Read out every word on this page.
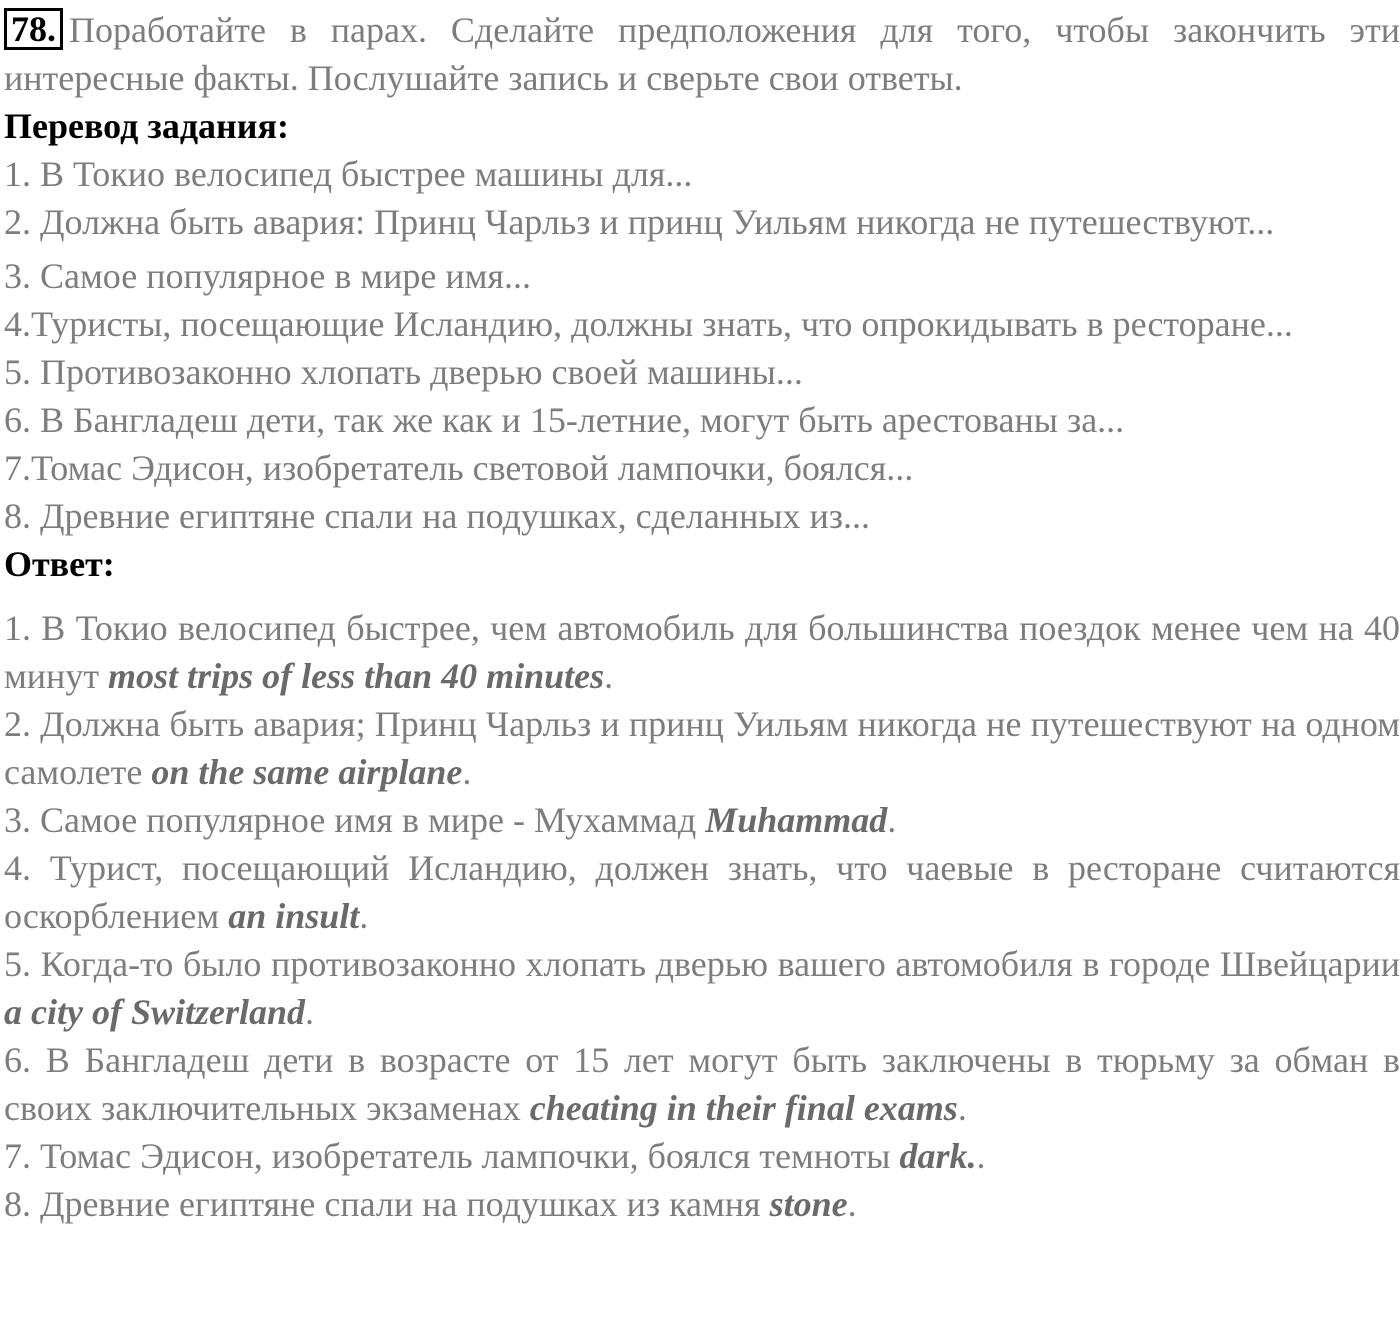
78. Поработайте в парах. Сделайте предположения для того, чтобы закончить эти интересные факты. Послушайте запись и сверьте свои ответы.

Перевод задания:

1. В Токио велосипед быстрее машины для...

2. Должна быть авария: Принц Чарльз и принц Уильям никогда не путешествуют...

3. Самое популярное в мире имя...

4.Туристы, посещающие Исландию, должны знать, что опрокидывать в ресторане...

5. Противозаконно хлопать дверью своей машины...

6. В Бангладеш дети, так же как и 15-летние, могут быть арестованы за...

7.Томас Эдисон, изобретатель световой лампочки, боялся...

8. Древние египтяне спали на подушках, сделанных из...

Ответ:

1. В Токио велосипед быстрее, чем автомобиль для большинства поездок менее чем на 40 минут most trips of less than 40 minutes.

2. Должна быть авария; Принц Чарльз и принц Уильям никогда не путешествуют на одном самолете on the same airplane.

3. Самое популярное имя в мире - Мухаммад Muhammad.

4. Турист, посещающий Исландию, должен знать, что чаевые в ресторане считаются оскорблением an insult.

5. Когда-то было противозаконно хлопать дверью вашего автомобиля в городе Швейцарии a city of Switzerland.

6. В Бангладеш дети в возрасте от 15 лет могут быть заключены в тюрьму за обман в своих заключительных экзаменах cheating in their final exams.

7. Томас Эдисон, изобретатель лампочки, боялся темноты dark..

8. Древние египтяне спали на подушках из камня stone.
